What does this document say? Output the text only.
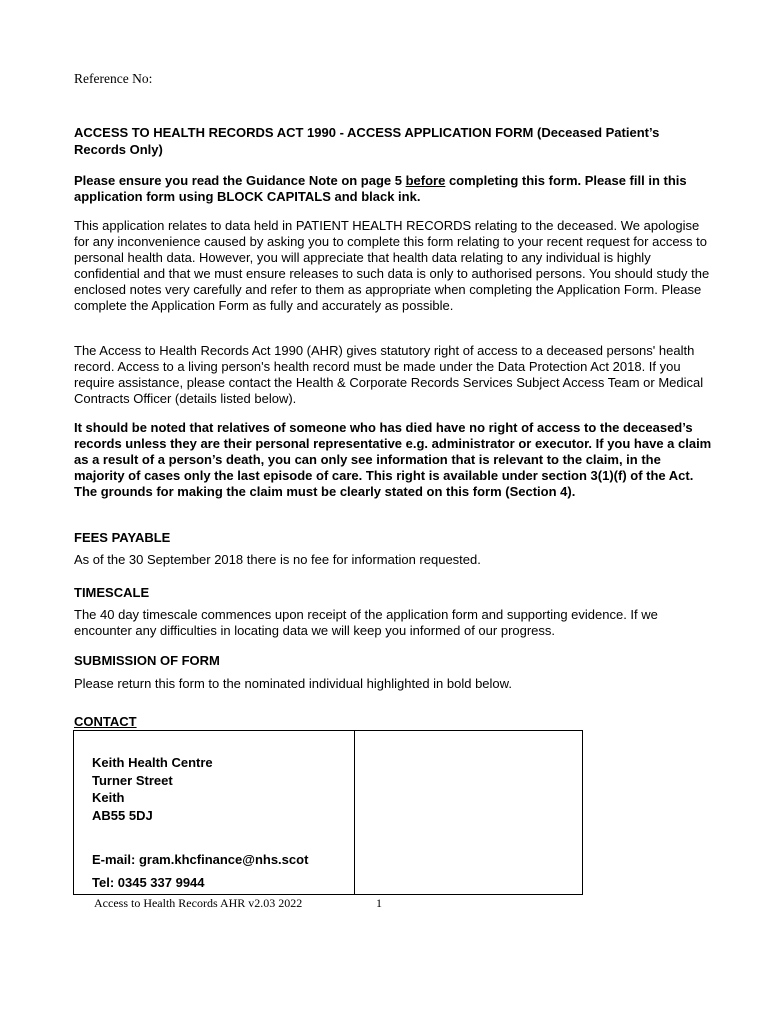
Reference No:

ACCESS TO HEALTH RECORDS ACT 1990 - ACCESS APPLICATION FORM (Deceased Patient’s Records Only)

Please ensure you read the Guidance Note on page 5 before completing this form. Please fill in this application form using BLOCK CAPITALS and black ink.

This application relates to data held in PATIENT HEALTH RECORDS relating to the deceased. We apologise for any inconvenience caused by asking you to complete this form relating to your recent request for access to personal health data. However, you will appreciate that health data relating to any individual is highly confidential and that we must ensure releases to such data is only to authorised persons. You should study the enclosed notes very carefully and refer to them as appropriate when completing the Application Form. Please complete the Application Form as fully and accurately as possible.

The Access to Health Records Act 1990 (AHR) gives statutory right of access to a deceased persons' health record. Access to a living person's health record must be made under the Data Protection Act 2018. If you require assistance, please contact the Health & Corporate Records Services Subject Access Team or Medical Contracts Officer (details listed below).

It should be noted that relatives of someone who has died have no right of access to the deceased’s records unless they are their personal representative e.g. administrator or executor. If you have a claim as a result of a person’s death, you can only see information that is relevant to the claim, in the majority of cases only the last episode of care. This right is available under section 3(1)(f) of the Act. The grounds for making the claim must be clearly stated on this form (Section 4).

FEES PAYABLE

As of the 30 September 2018 there is no fee for information requested.

TIMESCALE

The 40 day timescale commences upon receipt of the application form and supporting evidence. If we encounter any difficulties in locating data we will keep you informed of our progress.

SUBMISSION OF FORM

Please return this form to the nominated individual highlighted in bold below.

CONTACT

Keith Health Centre
Turner Street
Keith
AB55 5DJ
E-mail: gram.khcfinance@nhs.scot
Tel: 0345 337 9944

Access to Health Records AHR v2.03 2022	1
